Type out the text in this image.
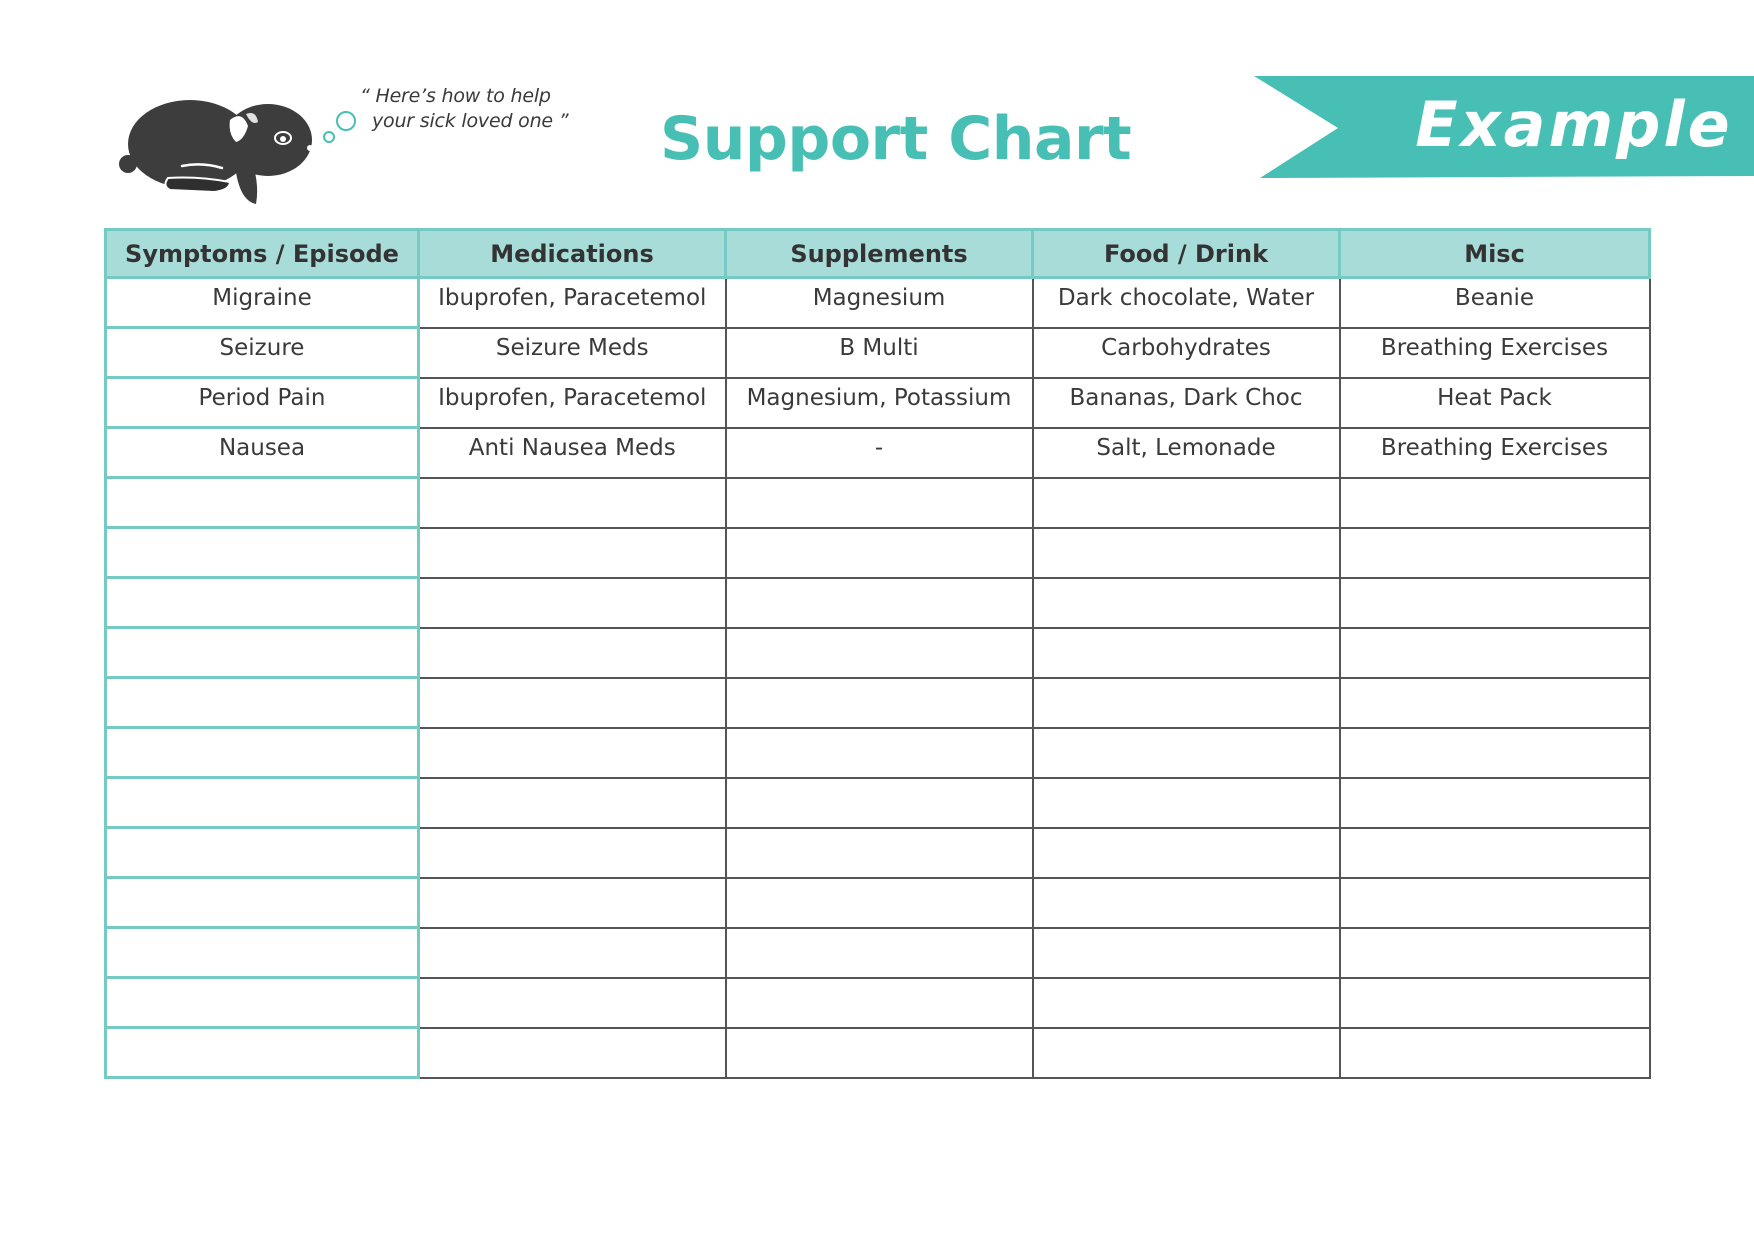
“ Here’s how to help
your sick loved one ”	Support Chart	Example
Symptoms / Episode	Medications	Supplements	Food / Drink	Misc
Migraine	Ibuprofen, Paracetemol	Magnesium	Dark chocolate, Water	Beanie
Seizure	Seizure Meds	B Multi	Carbohydrates	Breathing Exercises
Period Pain	Ibuprofen, Paracetemol	Magnesium, Potassium	Bananas, Dark Choc	Heat Pack
Nausea	Anti Nausea Meds	-	Salt, Lemonade	Breathing Exercises
